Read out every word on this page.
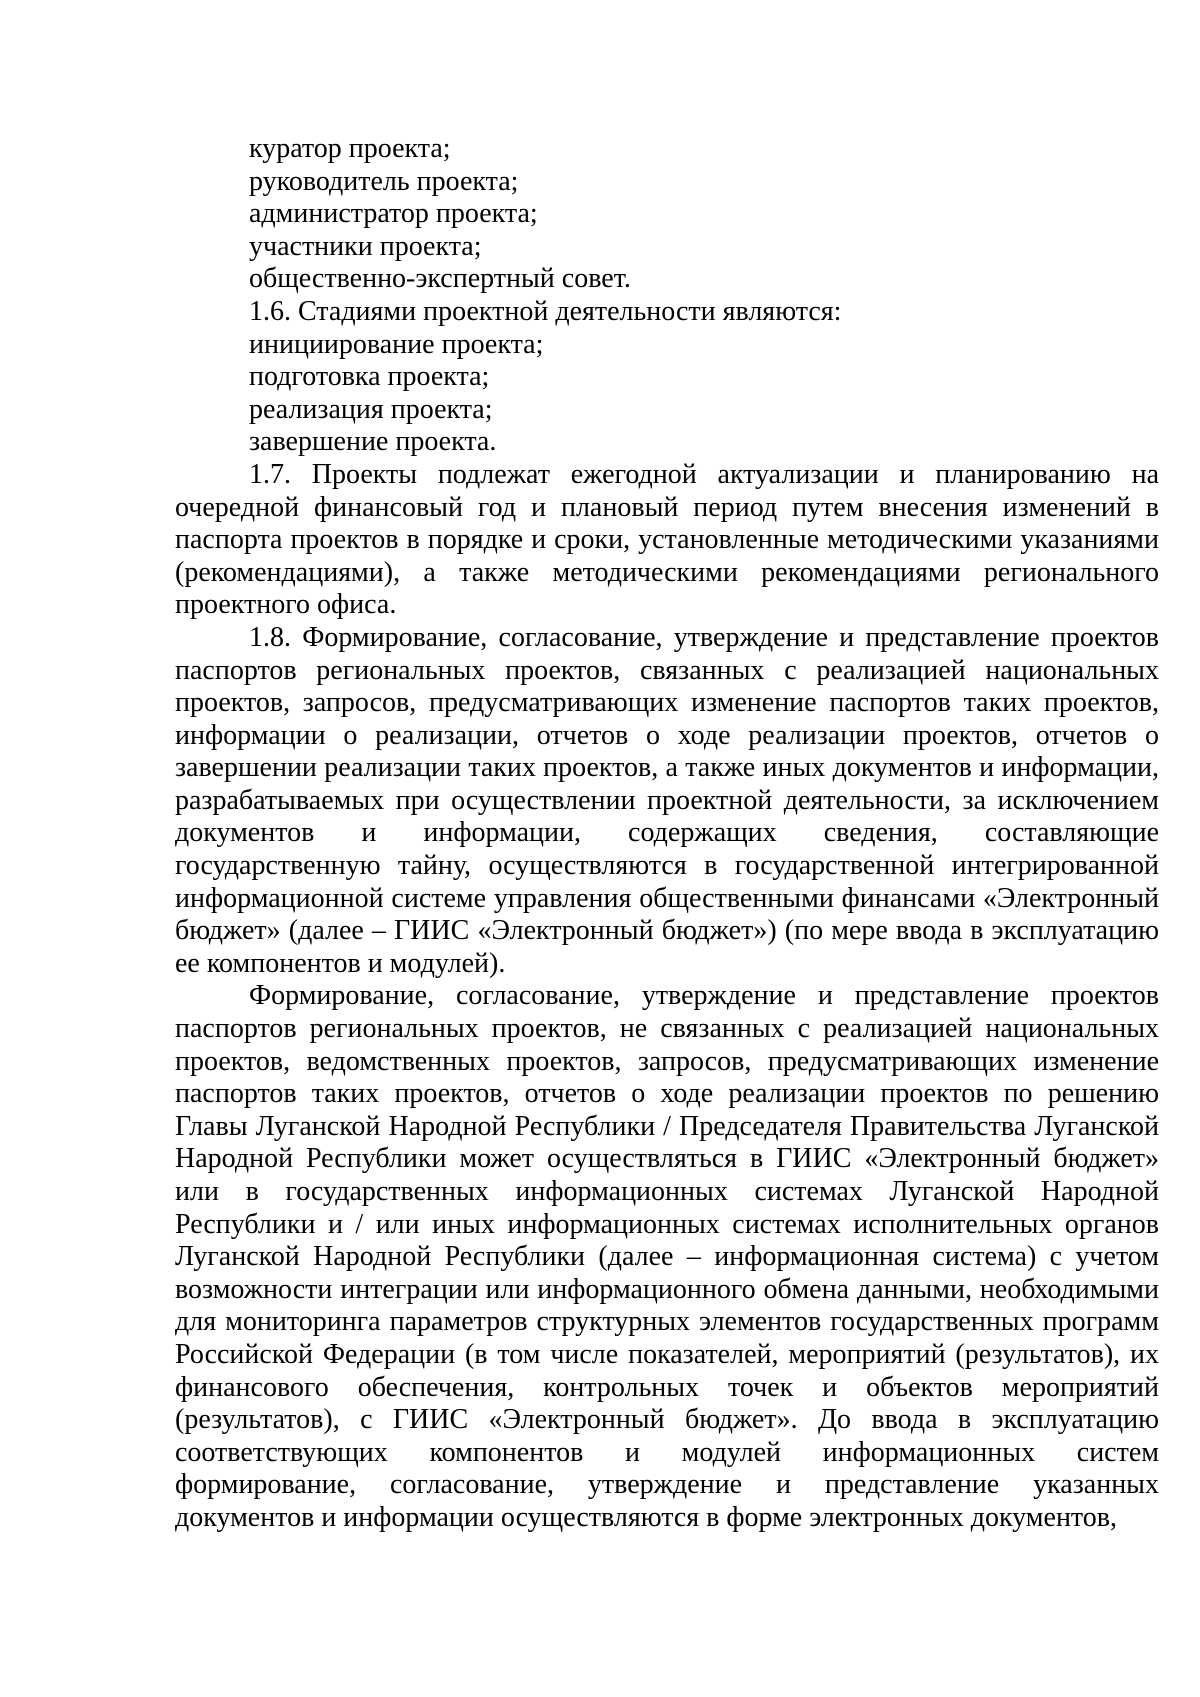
куратор проекта;

руководитель проекта;

администратор проекта;

участники проекта;

общественно-экспертный совет.

1.6. Стадиями проектной деятельности являются:

инициирование проекта;

подготовка проекта;

реализация проекта;

завершение проекта.

1.7. Проекты подлежат ежегодной актуализации и планированию на очередной финансовый год и плановый период путем внесения изменений в паспорта проектов в порядке и сроки, установленные методическими указаниями (рекомендациями), а также методическими рекомендациями регионального проектного офиса.

1.8. Формирование, согласование, утверждение и представление проектов паспортов региональных проектов, связанных с реализацией национальных проектов, запросов, предусматривающих изменение паспортов таких проектов, информации о реализации, отчетов о ходе реализации проектов, отчетов о завершении реализации таких проектов, а также иных документов и информации, разрабатываемых при осуществлении проектной деятельности, за исключением документов и информации, содержащих сведения, составляющие государственную тайну, осуществляются в государственной интегрированной информационной системе управления общественными финансами «Электронный бюджет» (далее – ГИИС «Электронный бюджет») (по мере ввода в эксплуатацию ее компонентов и модулей).

Формирование, согласование, утверждение и представление проектов паспортов региональных проектов, не связанных с реализацией национальных проектов, ведомственных проектов, запросов, предусматривающих изменение паспортов таких проектов, отчетов о ходе реализации проектов по решению Главы Луганской Народной Республики / Председателя Правительства Луганской Народной Республики может осуществляться в ГИИС «Электронный бюджет» или в государственных информационных системах Луганской Народной Республики и / или иных информационных системах исполнительных органов Луганской Народной Республики (далее – информационная система) с учетом возможности интеграции или информационного обмена данными, необходимыми для мониторинга параметров структурных элементов государственных программ Российской Федерации (в том числе показателей, мероприятий (результатов), их финансового обеспечения, контрольных точек и объектов мероприятий (результатов), с ГИИС «Электронный бюджет». До ввода в эксплуатацию соответствующих компонентов и модулей информационных систем формирование, согласование, утверждение и представление указанных документов и информации осуществляются в форме электронных документов,
